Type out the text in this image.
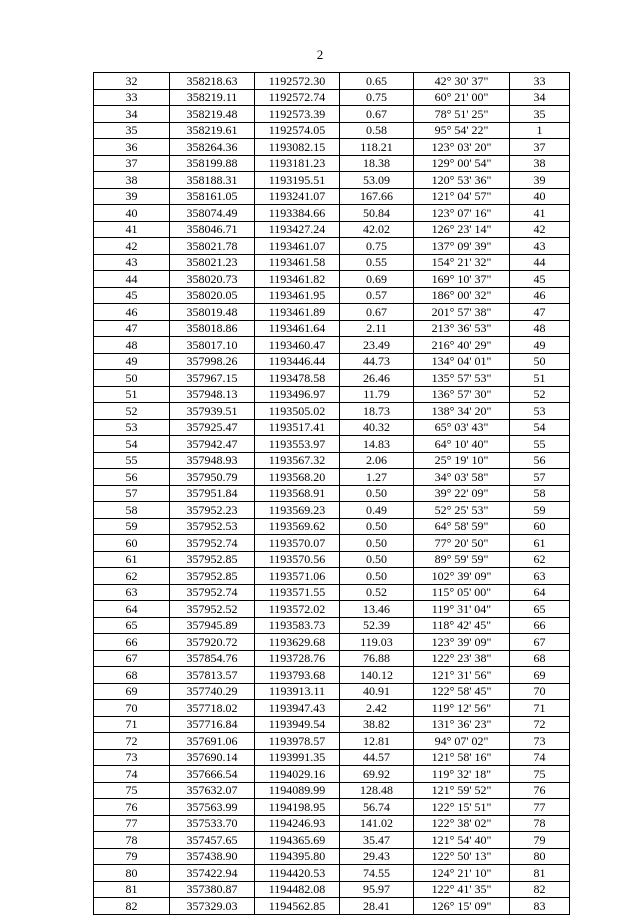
2
32	358218.63	1192572.30	0.65	42° 30' 37"	33
33	358219.11	1192572.74	0.75	60° 21' 00"	34
34	358219.48	1192573.39	0.67	78° 51' 25"	35
35	358219.61	1192574.05	0.58	95° 54' 22"	1
36	358264.36	1193082.15	118.21	123° 03' 20"	37
37	358199.88	1193181.23	18.38	129° 00' 54"	38
38	358188.31	1193195.51	53.09	120° 53' 36"	39
39	358161.05	1193241.07	167.66	121° 04' 57"	40
40	358074.49	1193384.66	50.84	123° 07' 16"	41
41	358046.71	1193427.24	42.02	126° 23' 14"	42
42	358021.78	1193461.07	0.75	137° 09' 39"	43
43	358021.23	1193461.58	0.55	154° 21' 32"	44
44	358020.73	1193461.82	0.69	169° 10' 37"	45
45	358020.05	1193461.95	0.57	186° 00' 32"	46
46	358019.48	1193461.89	0.67	201° 57' 38"	47
47	358018.86	1193461.64	2.11	213° 36' 53"	48
48	358017.10	1193460.47	23.49	216° 40' 29"	49
49	357998.26	1193446.44	44.73	134° 04' 01"	50
50	357967.15	1193478.58	26.46	135° 57' 53"	51
51	357948.13	1193496.97	11.79	136° 57' 30"	52
52	357939.51	1193505.02	18.73	138° 34' 20"	53
53	357925.47	1193517.41	40.32	65° 03' 43"	54
54	357942.47	1193553.97	14.83	64° 10' 40"	55
55	357948.93	1193567.32	2.06	25° 19' 10"	56
56	357950.79	1193568.20	1.27	34° 03' 58"	57
57	357951.84	1193568.91	0.50	39° 22' 09"	58
58	357952.23	1193569.23	0.49	52° 25' 53"	59
59	357952.53	1193569.62	0.50	64° 58' 59"	60
60	357952.74	1193570.07	0.50	77° 20' 50"	61
61	357952.85	1193570.56	0.50	89° 59' 59"	62
62	357952.85	1193571.06	0.50	102° 39' 09"	63
63	357952.74	1193571.55	0.52	115° 05' 00"	64
64	357952.52	1193572.02	13.46	119° 31' 04"	65
65	357945.89	1193583.73	52.39	118° 42' 45"	66
66	357920.72	1193629.68	119.03	123° 39' 09"	67
67	357854.76	1193728.76	76.88	122° 23' 38"	68
68	357813.57	1193793.68	140.12	121° 31' 56"	69
69	357740.29	1193913.11	40.91	122° 58' 45"	70
70	357718.02	1193947.43	2.42	119° 12' 56"	71
71	357716.84	1193949.54	38.82	131° 36' 23"	72
72	357691.06	1193978.57	12.81	94° 07' 02"	73
73	357690.14	1193991.35	44.57	121° 58' 16"	74
74	357666.54	1194029.16	69.92	119° 32' 18"	75
75	357632.07	1194089.99	128.48	121° 59' 52"	76
76	357563.99	1194198.95	56.74	122° 15' 51"	77
77	357533.70	1194246.93	141.02	122° 38' 02"	78
78	357457.65	1194365.69	35.47	121° 54' 40"	79
79	357438.90	1194395.80	29.43	122° 50' 13"	80
80	357422.94	1194420.53	74.55	124° 21' 10"	81
81	357380.87	1194482.08	95.97	122° 41' 35"	82
82	357329.03	1194562.85	28.41	126° 15' 09"	83
